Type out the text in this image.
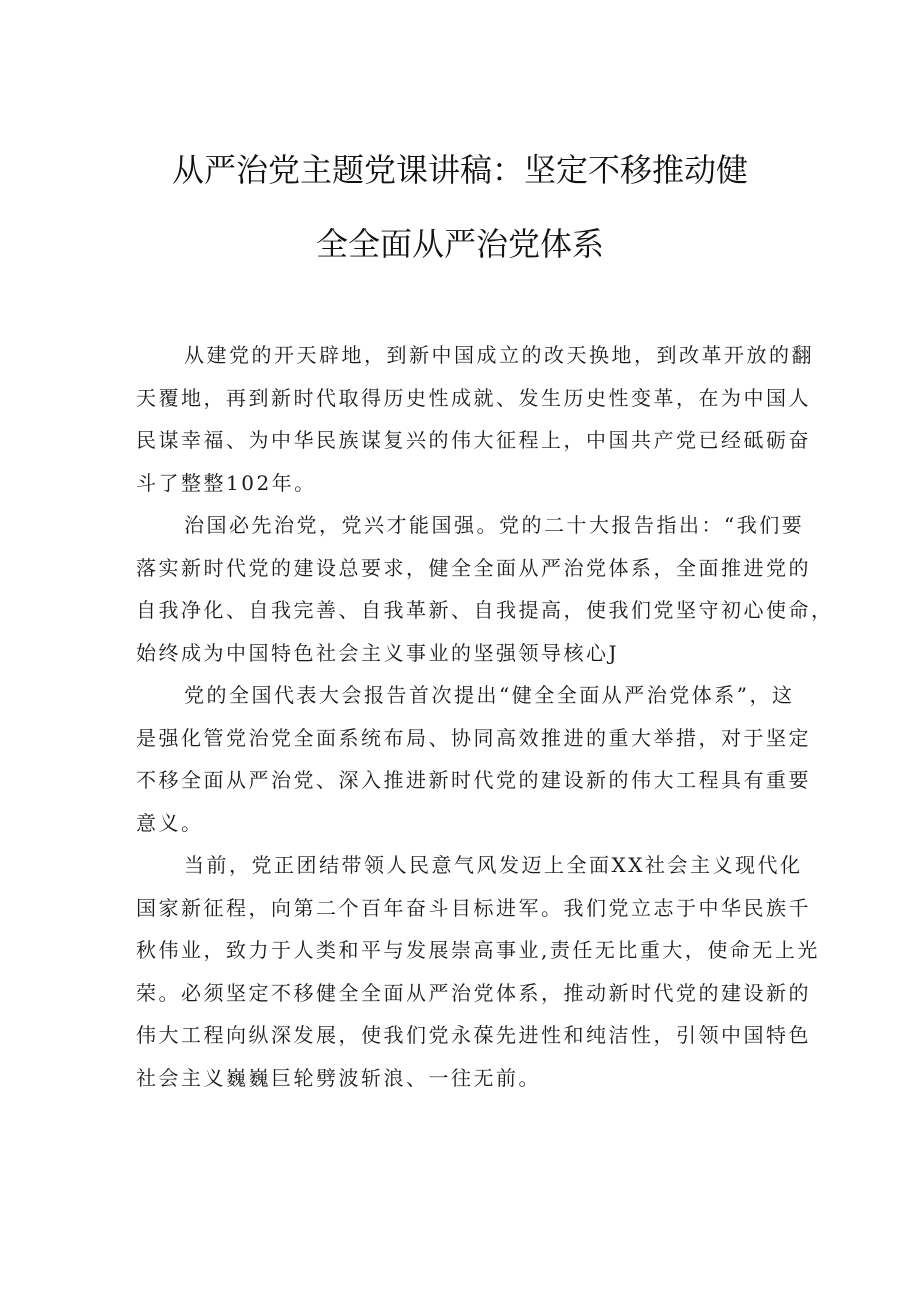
从严治党主题党课讲稿：坚定不移推动健
全全面从严治党体系

从建党的开天辟地，到新中国成立的改天换地，到改革开放的翻
天覆地，再到新时代取得历史性成就、发生历史性变革，在为中国人
民谋幸福、为中华民族谋复兴的伟大征程上，中国共产党已经砥砺奋
斗了整整102年。

治国必先治党，党兴才能国强。党的二十大报告指出：“我们要
落实新时代党的建设总要求，健全全面从严治党体系，全面推进党的
自我净化、自我完善、自我革新、自我提高，使我们党坚守初心使命，
始终成为中国特色社会主义事业的坚强领导核心J

党的全国代表大会报告首次提出“健全全面从严治党体系”，这
是强化管党治党全面系统布局、协同高效推进的重大举措，对于坚定
不移全面从严治党、深入推进新时代党的建设新的伟大工程具有重要
意义。

当前，党正团结带领人民意气风发迈上全面XX社会主义现代化
国家新征程，向第二个百年奋斗目标进军。我们党立志于中华民族千
秋伟业，致力于人类和平与发展崇高事业,责任无比重大，使命无上光
荣。必须坚定不移健全全面从严治党体系，推动新时代党的建设新的
伟大工程向纵深发展，使我们党永葆先进性和纯洁性，引领中国特色
社会主义巍巍巨轮劈波斩浪、一往无前。
